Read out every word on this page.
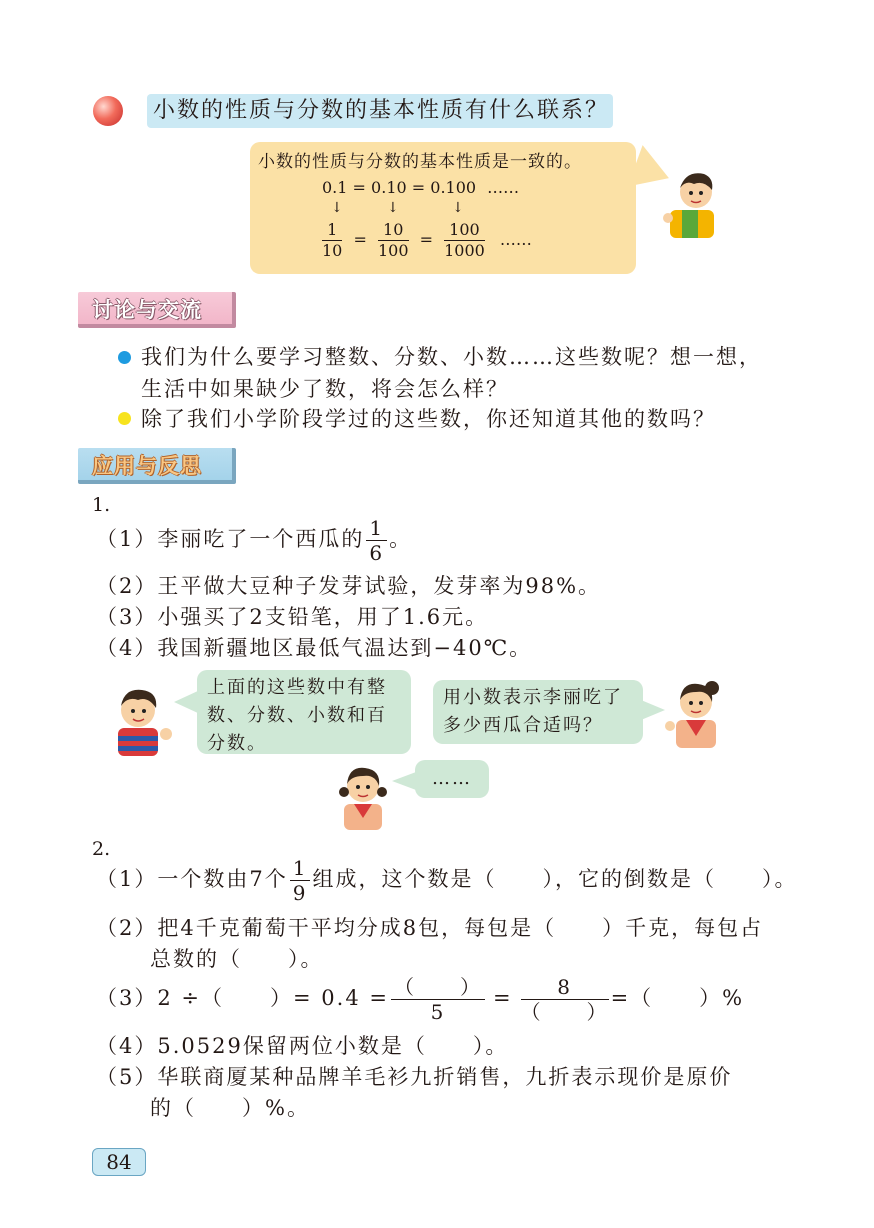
小数的性质与分数的基本性质有什么联系？
小数的性质与分数的基本性质是一致的。
0.1 = 0.10 = 0.100 ……
↓	↓	↓
$\frac{1}{10} = \frac{10}{100} = \frac{100}{1000}$ ……
讨论与交流
我们为什么要学习整数、分数、小数……这些数呢？想一想，
生活中如果缺少了数，将会怎么样？
除了我们小学阶段学过的这些数，你还知道其他的数吗？
应用与反思
1.
（1）李丽吃了一个西瓜的 $\frac{1}{6}$ 。
（2）王平做大豆种子发芽试验，发芽率为98%。
（3）小强买了2支铅笔，用了1.6元。
（4）我国新疆地区最低气温达到−40℃。
上面的这些数中有整数、分数、小数和百分数。
用小数表示李丽吃了多少西瓜合适吗？
……
2.
（1）一个数由7个 $\frac{1}{9}$ 组成，这个数是（　　），它的倒数是（　　）。
（2）把4千克葡萄干平均分成8包，每包是（　　）千克，每包占
总数的（　　）。
（3）2 ÷（　　）= $0.4 = \frac{( )}{5} = \frac{8}{( )}$ =（　　）%
（4）5.0529保留两位小数是（　　）。
（5）华联商厦某种品牌羊毛衫九折销售，九折表示现价是原价
的（　　）%。
84
